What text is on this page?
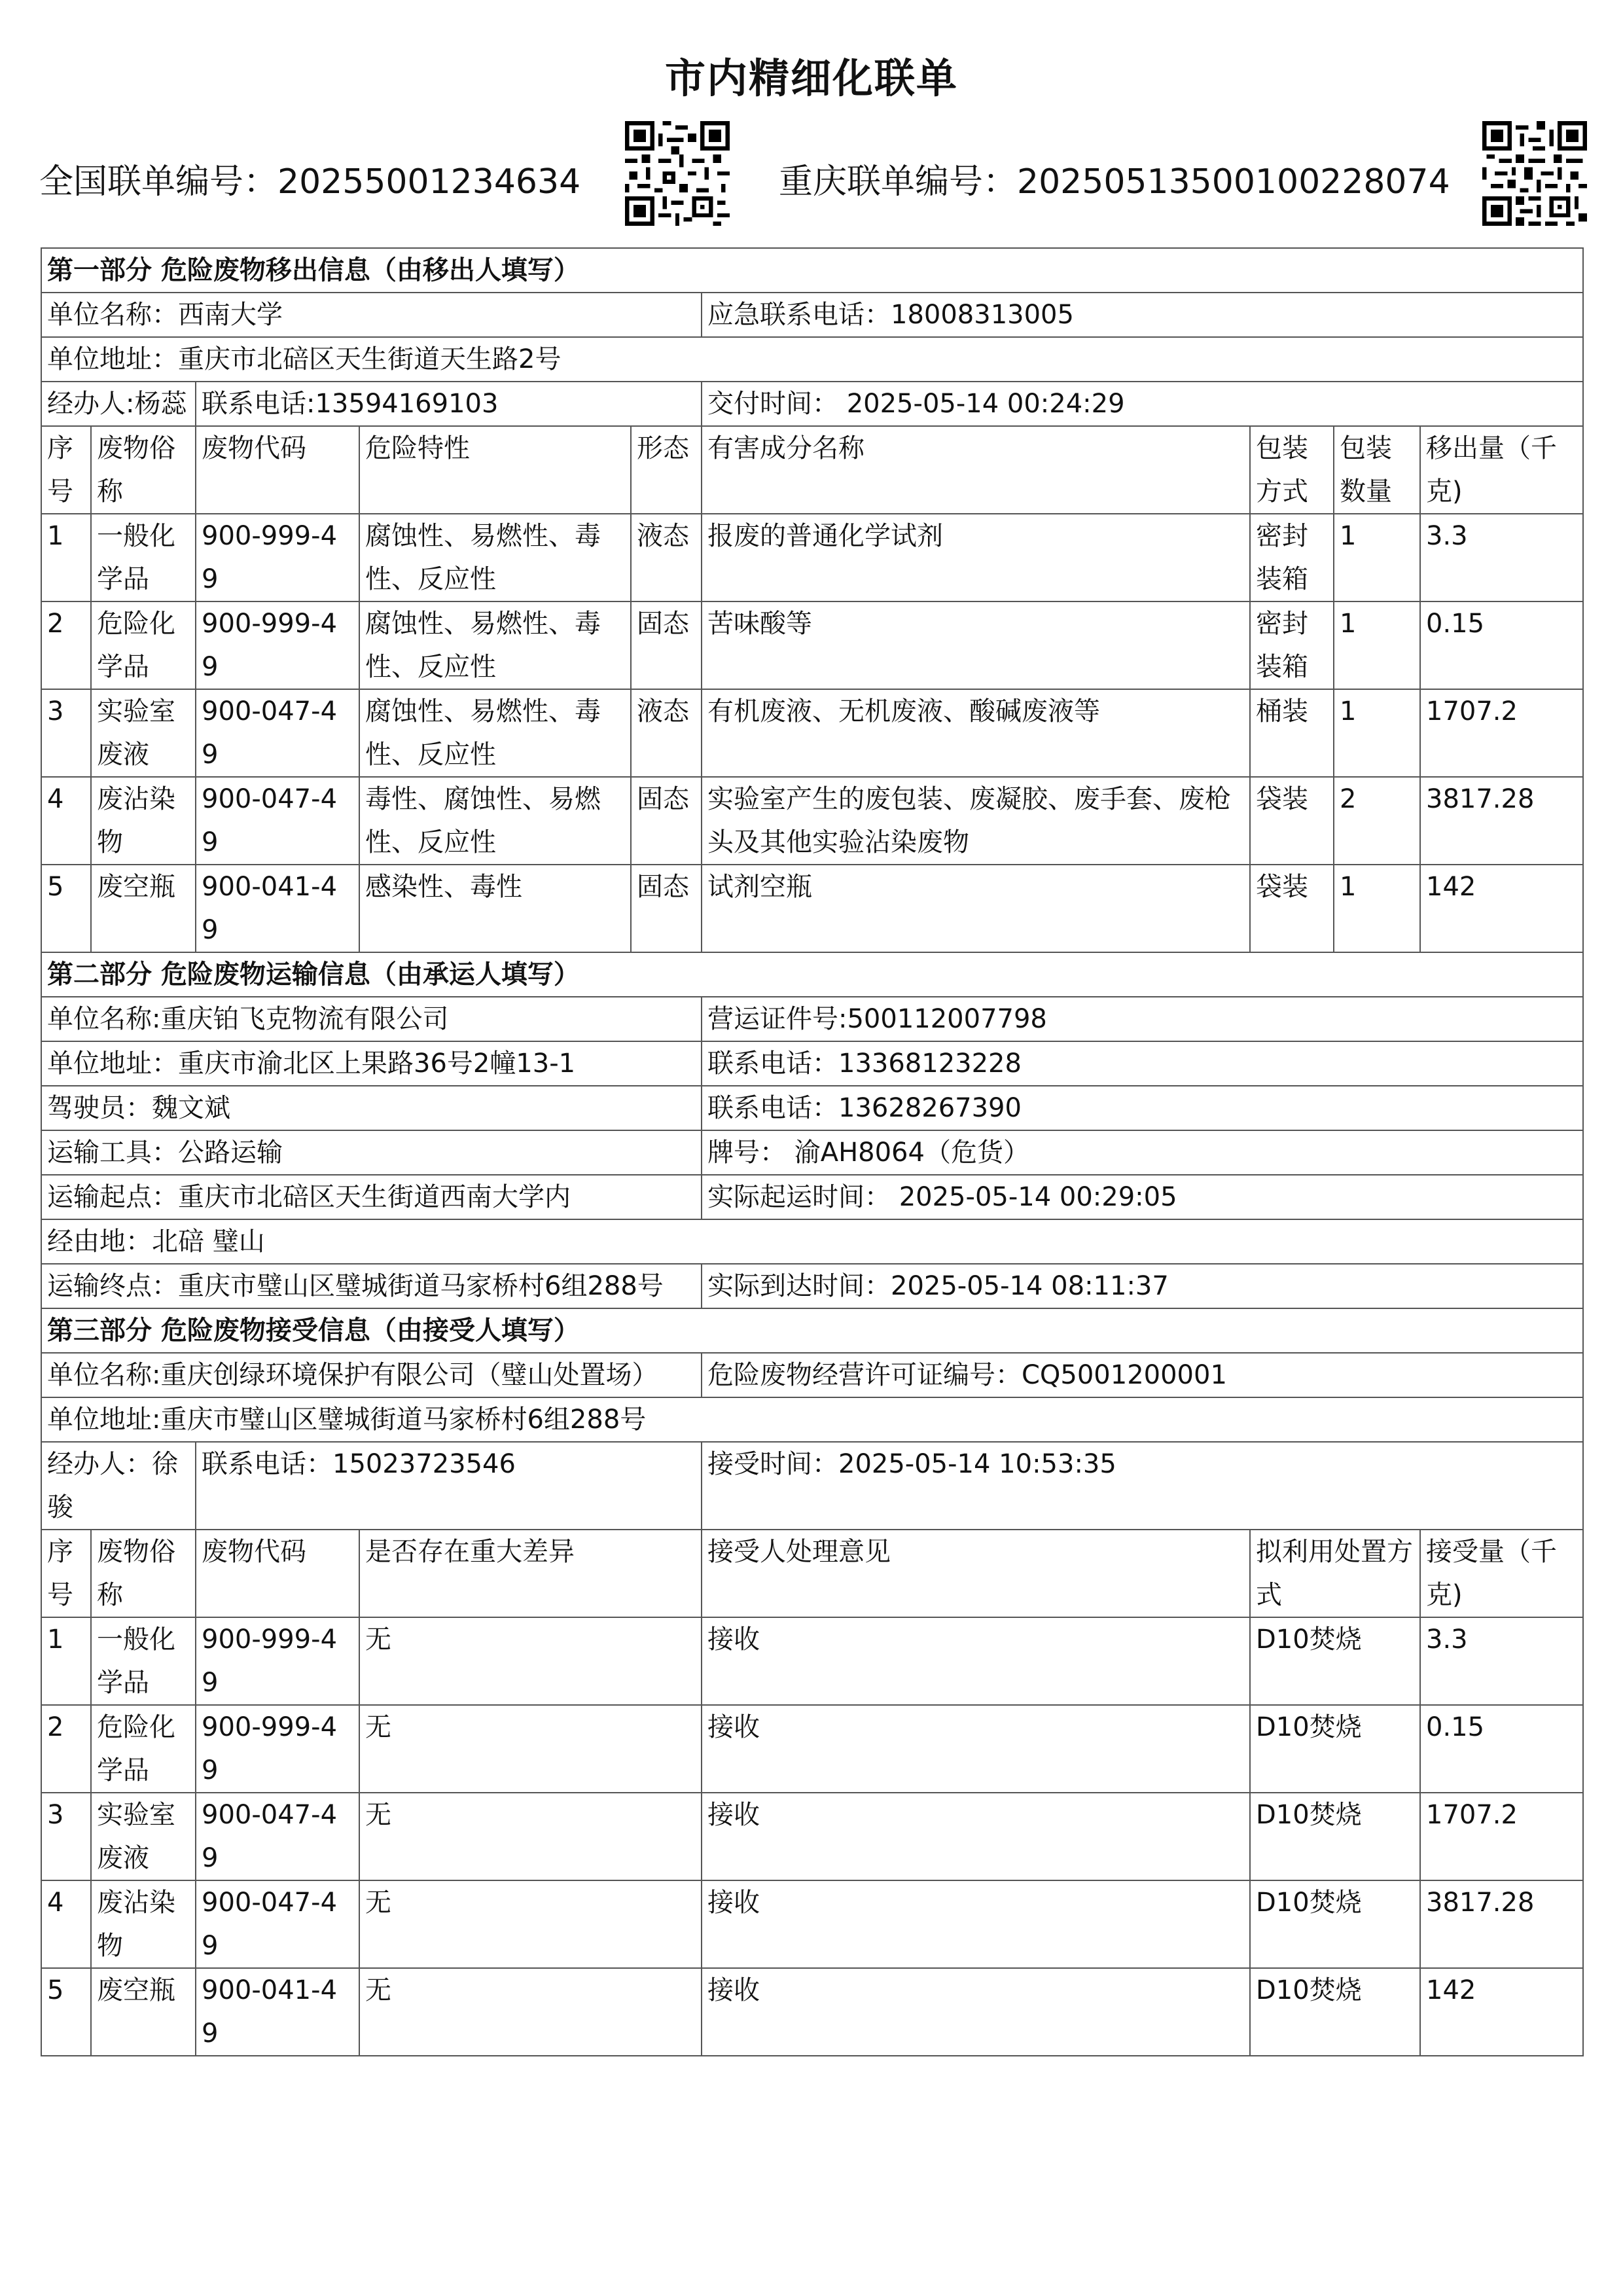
市内精细化联单
全国联单编号：20255001234634	重庆联单编号：2025051350010022807​4
第一部分 危险废物移出信息（由移出人填写）								
单位名称：西南大学					应急联系电话：18008313005			
单位地址：重庆市北碚区天生街道天生路2号								
经办人:杨蕊		联系电话:13594169103			交付时间： 2025-05-14 00:24:29			
序号	废物俗称	废物代码	危险特性	形态	有害成分名称	包装方式	包装数量	移出量（千克)
1	一般化学品	900-999-49	腐蚀性、易燃性、毒性、反应性	液态	报废的普通化学试剂	密封装箱	1	3.3
2	危险化学品	900-999-49	腐蚀性、易燃性、毒性、反应性	固态	苦味酸等	密封装箱	1	0.15
3	实验室废液	900-047-49	腐蚀性、易燃性、毒性、反应性	液态	有机废液、无机废液、酸碱废液等	桶装	1	1707.2
4	废沾染物	900-047-49	毒性、腐蚀性、易燃性、反应性	固态	实验室产生的废包装、废凝胶、废手套、废枪头及其他实验沾染废物	袋装	2	3817.28
5	废空瓶	900-041-49	感染性、毒性	固态	试剂空瓶	袋装	1	142
第二部分 危险废物运输信息（由承运人填写）								
单位名称:重庆铂飞克物流有限公司					营运证件号:500112007798			
单位地址：重庆市渝北区上果路36号2幢13-1					联系电话：13368123228			
驾驶员：魏文斌					联系电话：13628267390			
运输工具：公路运输					牌号： 渝AH8064（危货）			
运输起点：重庆市北碚区天生街道西南大学内					实际起运时间： 2025-05-14 00:29:05			
经由地：北碚 璧山								
运输终点：重庆市璧山区璧城街道马家桥村6组288号					实际到达时间：2025-05-14 08:11:37			
第三部分 危险废物接受信息（由接受人填写）								
单位名称:重庆创绿环境保护有限公司（璧山处置场）					危险废物经营许可证编号：CQ5001200001			
单位地址:重庆市璧山区璧城街道马家桥村6组288号								
经办人：徐骏		联系电话：15023723546			接受时间：2025-05-14 10:53:35			
序号	废物俗称	废物代码	是否存在重大差异		接受人处理意见	拟利用处置方式		接受量（千克)
1	一般化学品	900-999-49	无		接收	D10焚烧		3.3
2	危险化学品	900-999-49	无		接收	D10焚烧		0.15
3	实验室废液	900-047-49	无		接收	D10焚烧		1707.2
4	废沾染物	900-047-49	无		接收	D10焚烧		3817.28
5	废空瓶	900-041-49	无		接收	D10焚烧		142
